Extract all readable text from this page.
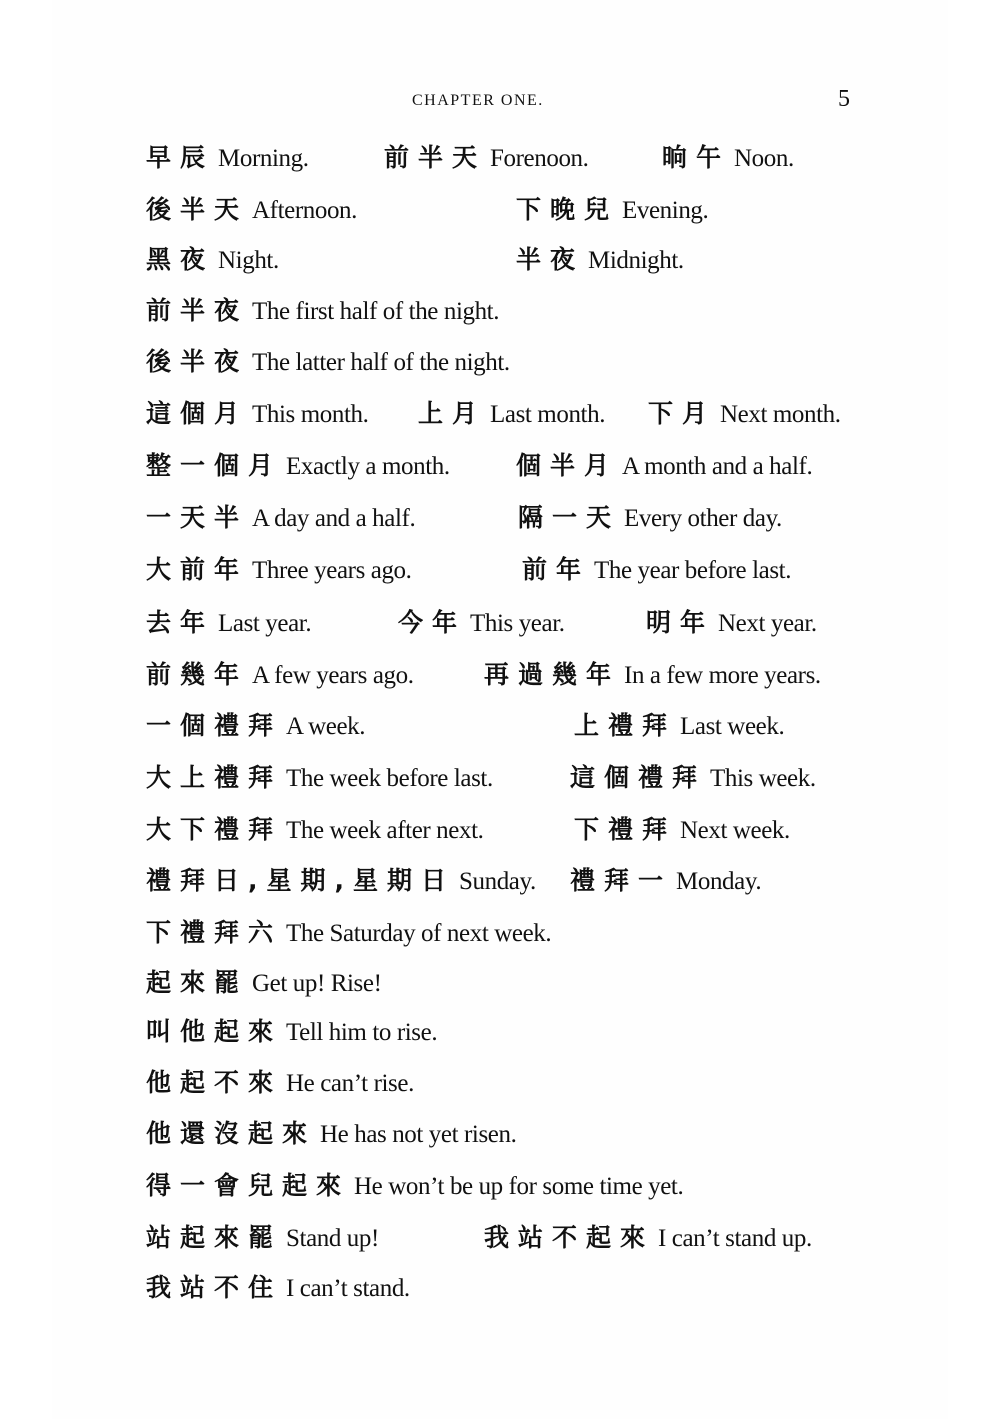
CHAPTER ONE.	5
早辰 Morning.	前半天 Forenoon.	晌午 Noon.
後半天 Afternoon.	下晚兒 Evening.
黑夜 Night.	半夜 Midnight.
前半夜 The first half of the night.
後半夜 The latter half of the night.
這個月 This month. 上月 Last month. 下月 Next month.
整一個月 Exactly a month.	個半月 A month and a half.
一天半 A day and a half.	隔一天 Every other day.
大前年 Three years ago.	前年 The year before last.
去年 Last year.	今年 This year.	明年 Next year.
前幾年 A few years ago.	再過幾年 In a few more years.
一個禮拜 A week.	上禮拜 Last week.
大上禮拜 The week before last.	這個禮拜 This week.
大下禮拜 The week after next.	下禮拜 Next week.
禮拜日,星期,星期日 Sunday. 禮拜一 Monday.
下禮拜六 The Saturday of next week.
起來罷 Get up! Rise!
叫他起來 Tell him to rise.
他起不來 He can’t rise.
他還沒起來 He has not yet risen.
得一會兒起來 He won’t be up for some time yet.
站起來罷 Stand up!	我站不起來 I can’t stand up.
我站不住 I can’t stand.
